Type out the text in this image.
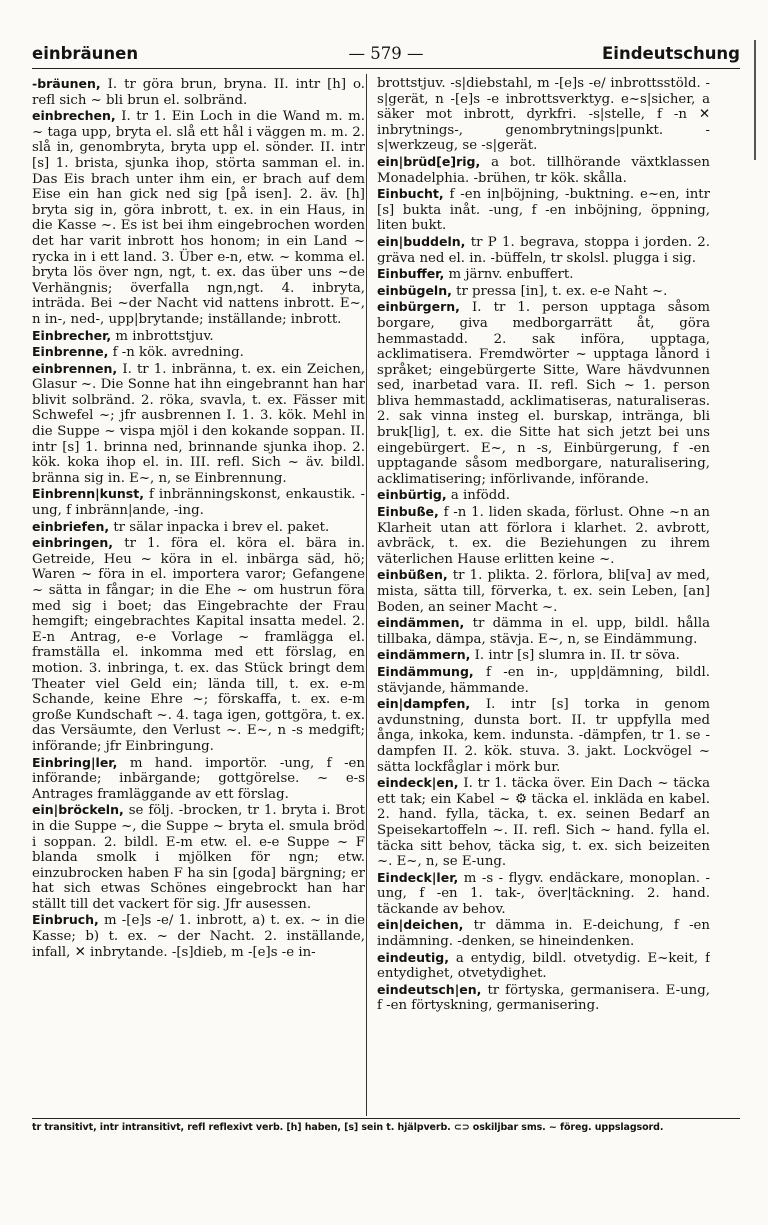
einbräunen	— 579 —	Eindeutschung
-bräunen, I. tr göra brun, bryna. II. intr [h] o. refl sich ~ bli brun el. solbränd.
einbrechen, I. tr 1. Ein Loch in die Wand m. m. ~ taga upp, bryta el. slå ett hål i väggen m. m. 2. slå in, genombryta, bryta upp el. sönder. II. intr [s] 1. brista, sjunka ihop, störta samman el. in. Das Eis brach unter ihm ein, er brach auf dem Eise ein han gick ned sig [på isen]. 2. äv. [h] bryta sig in, göra inbrott, t. ex. in ein Haus, in die Kasse ~. Es ist bei ihm eingebrochen worden det har varit inbrott hos honom; in ein Land ~ rycka in i ett land. 3. Über e-n, etw. ~ komma el. bryta lös över ngn, ngt, t. ex. das über uns ~de Verhängnis; överfalla ngn,ngt. 4. inbryta, inträda. Bei ~der Nacht vid nattens inbrott. E~, n in-, ned-, upp|brytande; inställande; inbrott.
Einbrecher, m inbrottstjuv.
Einbrenne, f -n kök. avredning.
einbrennen, I. tr 1. inbränna, t. ex. ein Zeichen, Glasur ~. Die Sonne hat ihn eingebrannt han har blivit solbränd. 2. röka, svavla, t. ex. Fässer mit Schwefel ~; jfr ausbrennen I. 1. 3. kök. Mehl in die Suppe ~ vispa mjöl i den kokande soppan. II. intr [s] 1. brinna ned, brinnande sjunka ihop. 2. kök. koka ihop el. in. III. refl. Sich ~ äv. bildl. bränna sig in. E~, n, se Einbrennung.
Einbrenn|kunst, f inbränningskonst, enkaustik. -ung, f inbränn|ande, -ing.
einbriefen, tr sälar inpacka i brev el. paket.
einbringen, tr 1. föra el. köra el. bära in. Getreide, Heu ~ köra in el. inbärga säd, hö; Waren ~ föra in el. importera varor; Gefangene ~ sätta in fångar; in die Ehe ~ om hustrun föra med sig i boet; das Eingebrachte der Frau hemgift; eingebrachtes Kapital insatta medel. 2. E-n Antrag, e-e Vorlage ~ framlägga el. framställa el. inkomma med ett förslag, en motion. 3. inbringa, t. ex. das Stück bringt dem Theater viel Geld ein; lända till, t. ex. e-m Schande, keine Ehre ~; förskaffa, t. ex. e-m große Kundschaft ~. 4. taga igen, gottgöra, t. ex. das Versäumte, den Verlust ~. E~, n -s medgift; införande; jfr Einbringung.
Einbring|ler, m hand. importör. -ung, f -en införande; inbärgande; gottgörelse. ~ e-s Antrages framläggande av ett förslag.
ein|bröckeln, se följ. -brocken, tr 1. bryta i. Brot in die Suppe ~, die Suppe ~ bryta el. smula bröd i soppan. 2. bildl. E-m etw. el. e-e Suppe ~ F blanda smolk i mjölken för ngn; etw. einzubrocken haben F ha sin [goda] bärgning; er hat sich etwas Schönes eingebrockt han har ställt till det vackert för sig. Jfr ausessen.
Einbruch, m -[e]s -e/ 1. inbrott, a) t. ex. ~ in die Kasse; b) t. ex. ~ der Nacht. 2. inställande, infall, ✕ inbrytande. -[s]dieb, m -[e]s -e in-
brottstjuv. -s|diebstahl, m -[e]s -e/ inbrottsstöld. -s|gerät, n -[e]s -e inbrottsverktyg. e~s|sicher, a säker mot inbrott, dyrkfri. -s|stelle, f -n ✕ inbrytnings-, genombrytnings|punkt. -s|werkzeug, se -s|gerät.
ein|brüd[e]rig, a bot. tillhörande växtklassen Monadelphia. -brühen, tr kök. skålla.
Einbucht, f -en in|böjning, -buktning. e~en, intr [s] bukta inåt. -ung, f -en inböjning, öppning, liten bukt.
ein|buddeln, tr P 1. begrava, stoppa i jorden. 2. gräva ned el. in. -büffeln, tr skolsl. plugga i sig.
Einbuffer, m järnv. enbuffert.
einbügeln, tr pressa [in], t. ex. e-e Naht ~.
einbürgern, I. tr 1. person upptaga såsom borgare, giva medborgarrätt åt, göra hemmastadd. 2. sak införa, upptaga, acklimatisera. Fremdwörter ~ upptaga lånord i språket; eingebürgerte Sitte, Ware hävdvunnen sed, inarbetad vara. II. refl. Sich ~ 1. person bliva hemmastadd, acklimatiseras, naturaliseras. 2. sak vinna insteg el. burskap, intränga, bli bruk[lig], t. ex. die Sitte hat sich jetzt bei uns eingebürgert. E~, n -s, Einbürgerung, f -en upptagande såsom medborgare, naturalisering, acklimatisering; införlivande, införande.
einbürtig, a infödd.
Einbuße, f -n 1. liden skada, förlust. Ohne ~n an Klarheit utan att förlora i klarhet. 2. avbrott, avbräck, t. ex. die Beziehungen zu ihrem väterlichen Hause erlitten keine ~.
einbüßen, tr 1. plikta. 2. förlora, bli[va] av med, mista, sätta till, förverka, t. ex. sein Leben, [an] Boden, an seiner Macht ~.
eindämmen, tr dämma in el. upp, bildl. hålla tillbaka, dämpa, stävja. E~, n, se Eindämmung.
eindämmern, I. intr [s] slumra in. II. tr söva.
Eindämmung, f -en in-, upp|dämning, bildl. stävjande, hämmande.
ein|dampfen, I. intr [s] torka in genom avdunstning, dunsta bort. II. tr uppfylla med ånga, inkoka, kem. indunsta. -dämpfen, tr 1. se -dampfen II. 2. kök. stuva. 3. jakt. Lockvögel ~ sätta lockfåglar i mörk bur.
eindeck|en, I. tr 1. täcka över. Ein Dach ~ täcka ett tak; ein Kabel ~ ⚙ täcka el. inkläda en kabel. 2. hand. fylla, täcka, t. ex. seinen Bedarf an Speisekartoffeln ~. II. refl. Sich ~ hand. fylla el. täcka sitt behov, täcka sig, t. ex. sich beizeiten ~. E~, n, se E-ung.
Eindeck|ler, m -s - flygv. endäckare, monoplan. -ung, f -en 1. tak-, över|täckning. 2. hand. täckande av behov.
ein|deichen, tr dämma in. E-deichung, f -en indämning. -denken, se hineindenken.
eindeutig, a entydig, bildl. otvetydig. E~keit, f entydighet, otvetydighet.
eindeutsch|en, tr förtyska, germanisera. E-ung, f -en förtyskning, germanisering.
tr transitivt, intr intransitivt, refl reflexivt verb. [h] haben, [s] sein t. hjälpverb. ⊂⊃ oskiljbar sms. ~ föreg. uppslagsord.
